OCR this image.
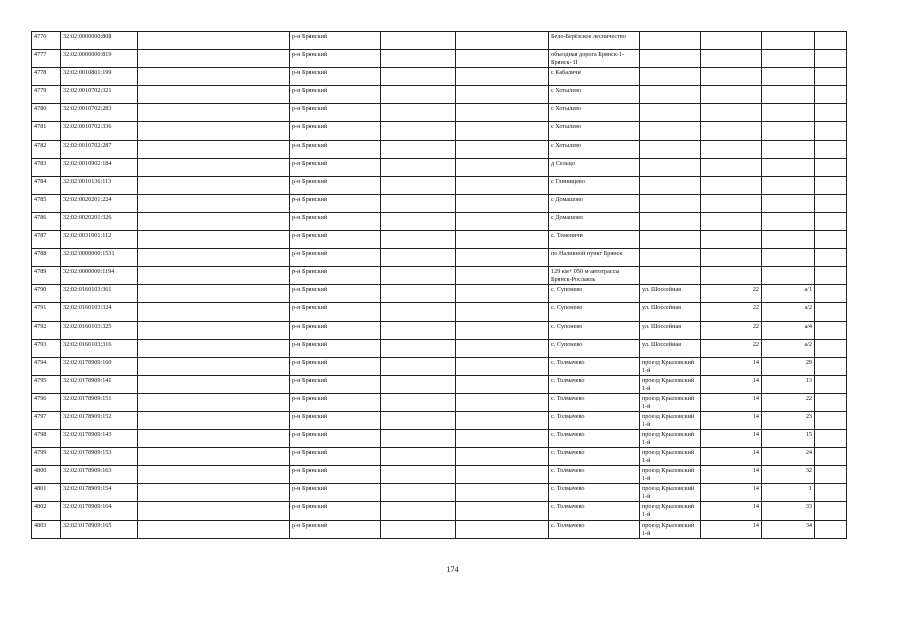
4776	32:02:0000000:808		р-н Брянский			Бело-Берёзское лесничество				
4777	32:02:0000000:819		р-н Брянский			объездная дорога Брянск-1- Брянск- II				
4778	32:02:0010801:199		р-н Брянский			с Кабаличи				
4779	32:02:0010702:321		р-н Брянский			с Хотылево				
4780	32:02:0010702:283		р-н Брянский			с Хотылево				
4781	32:02:0010702:336		р-н Брянский			с Хотылево				
4782	32:02:0010702:287		р-н Брянский			с Хотылево				
4783	32:02:0010902:184		р-н Брянский			д Сельцо				
4784	32:02:0010136:113		р-н Брянский			с Глинищево				
4785	32:02:0020201:224		р-н Брянский			с Домашово				
4786	32:02:0020201:326		р-н Брянский			с Домашово				
4787	32:02:0031001:112		р-н Брянский			с. Теменичи				
4788	32:02:0000000:1531		р-н Брянский			по Наливной пункт Брянск				
4789	32:02:0000000:1194		р-н Брянский			129 км+ 050 м автотрассы Брянск-Рославль				
4790	32:02:0160103:361		р-н Брянский			с. Супонево	ул. Шоссейная	22	а/1	
4791	32:02:0160103:324		р-н Брянский			с. Супонево	ул. Шоссейная	22	а/2	
4792	32:02:0160103:325		р-н Брянский			с. Супонево	ул. Шоссейная	22	а/4	
4793	32:02:0160103:316		р-н Брянский			с. Супонево	ул. Шоссейная	22	а/2	
4794	32:02:0178909:160		р-н Брянский			с. Толмачево	проезд Крыловский 1-й	14	29	
4795	32:02:0178909:141		р-н Брянский			с. Толмачево	проезд Крыловский 1-й	14	13	
4796	32:02:0178909:151		р-н Брянский			с. Толмачево	проезд Крыловский 1-й	14	22	
4797	32:02:0178909:152		р-н Брянский			с. Толмачево	проезд Крыловский 1-й	14	23	
4798	32:02:0178909:143		р-н Брянский			с. Толмачево	проезд Крыловский 1-й	14	15	
4799	32:02:0178909:153		р-н Брянский			с. Толмачево	проезд Крыловский 1-й	14	24	
4800	32:02:0178909:163		р-н Брянский			с. Толмачево	проезд Крыловский 1-й	14	32	
4801	32:02:0178909:154		р-н Брянский			с. Толмачево	проезд Крыловский 1-й	14	1	
4802	32:02:0178909:164		р-н Брянский			с. Толмачево	проезд Крыловский 1-й	14	33	
4803	32:02:0178909:165		р-н Брянский			с. Толмачево	проезд Крыловский 1-й	14	34	
174
